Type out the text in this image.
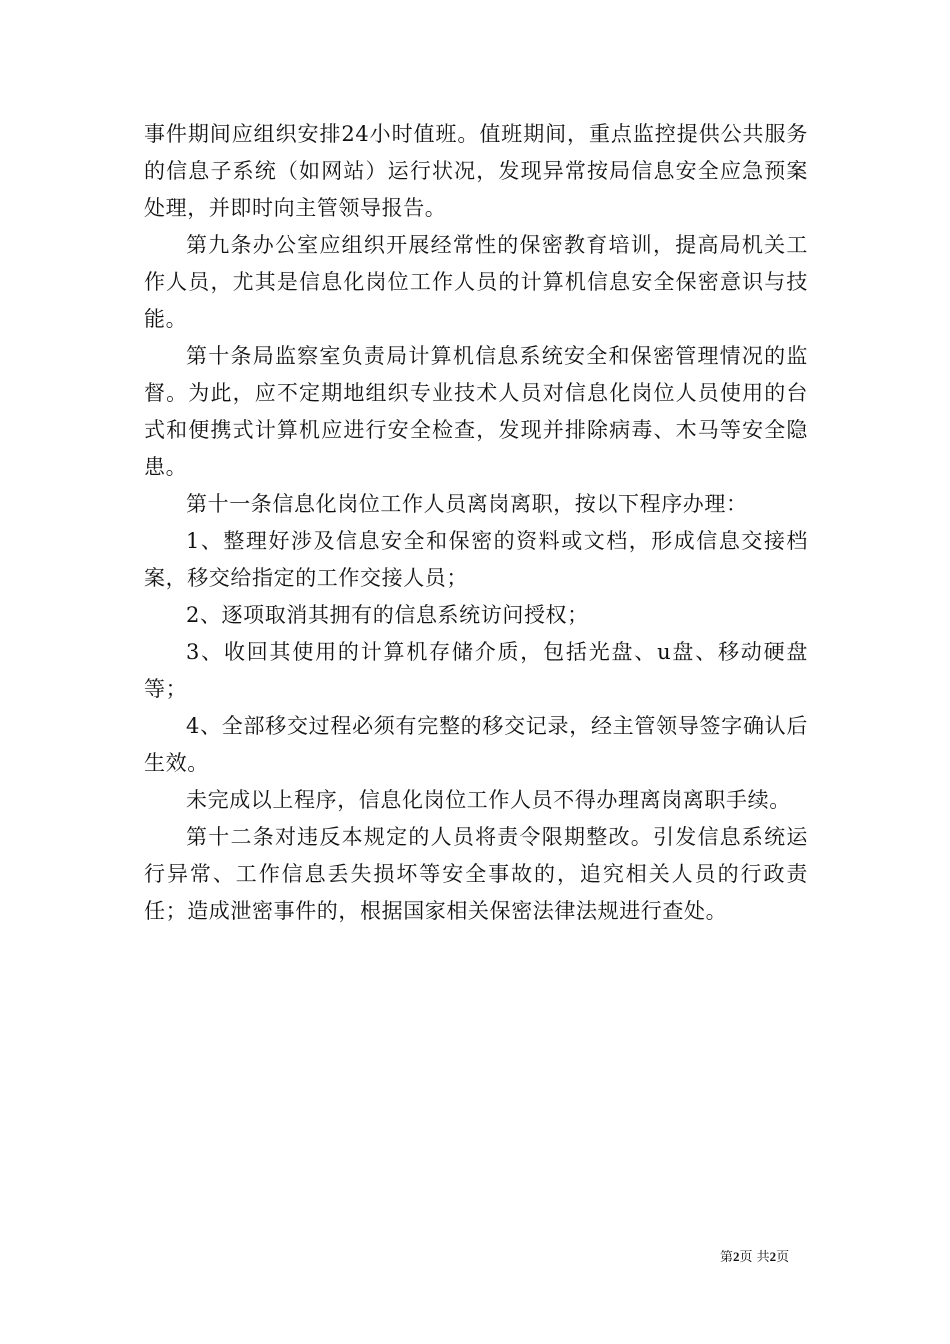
事件期间应组织安排24小时值班。值班期间，重点监控提供公共服务的信息子系统（如网站）运行状况，发现异常按局信息安全应急预案处理，并即时向主管领导报告。

第九条办公室应组织开展经常性的保密教育培训，提高局机关工作人员，尤其是信息化岗位工作人员的计算机信息安全保密意识与技能。

第十条局监察室负责局计算机信息系统安全和保密管理情况的监督。为此，应不定期地组织专业技术人员对信息化岗位人员使用的台式和便携式计算机应进行安全检查，发现并排除病毒、木马等安全隐患。

第十一条信息化岗位工作人员离岗离职，按以下程序办理：

1、整理好涉及信息安全和保密的资料或文档，形成信息交接档案，移交给指定的工作交接人员；

2、逐项取消其拥有的信息系统访问授权；

3、收回其使用的计算机存储介质，包括光盘、u盘、移动硬盘等；

4、全部移交过程必须有完整的移交记录，经主管领导签字确认后生效。

未完成以上程序，信息化岗位工作人员不得办理离岗离职手续。

第十二条对违反本规定的人员将责令限期整改。引发信息系统运行异常、工作信息丢失损坏等安全事故的，追究相关人员的行政责任；造成泄密事件的，根据国家相关保密法律法规进行查处。

第2页 共2页
